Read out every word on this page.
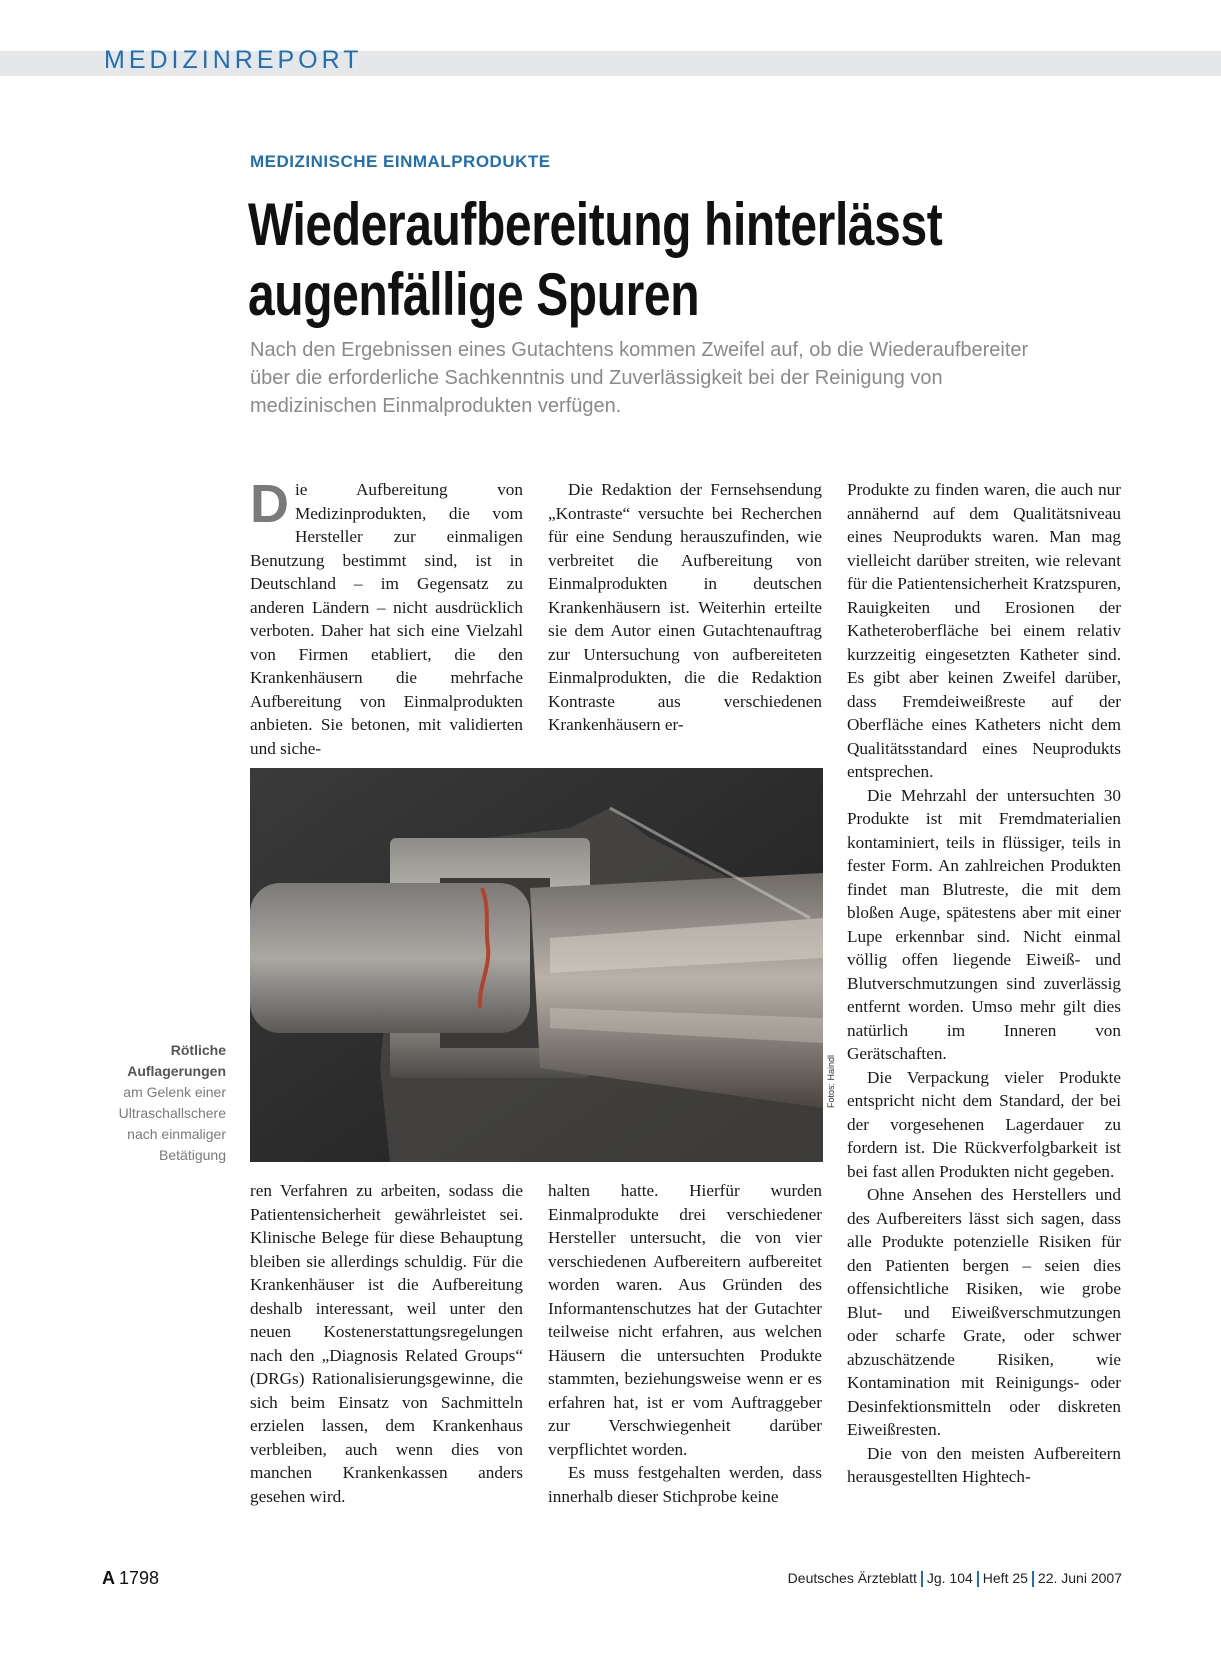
MEDIZINREPORT
MEDIZINISCHE EINMALPRODUKTE
Wiederaufbereitung hinterlässt
augenfällige Spuren
Nach den Ergebnissen eines Gutachtens kommen Zweifel auf, ob die Wiederaufbereiter über die erforderliche Sachkenntnis und Zuverlässigkeit bei der Reinigung von medizinischen Einmalprodukten verfügen.

Die Aufbereitung von Medizinprodukten, die vom Hersteller zur einmaligen Benutzung bestimmt sind, ist in Deutschland – im Gegensatz zu anderen Ländern – nicht ausdrücklich verboten. Daher hat sich eine Vielzahl von Firmen etabliert, die den Krankenhäusern die mehrfache Aufbereitung von Einmalprodukten anbieten. Sie betonen, mit validierten und siche-

Die Redaktion der Fernsehsendung „Kontraste“ versuchte bei Recherchen für eine Sendung herauszufinden, wie verbreitet die Aufbereitung von Einmalprodukten in deutschen Krankenhäusern ist. Weiterhin erteilte sie dem Autor einen Gutachtenauftrag zur Untersuchung von aufbereiteten Einmalprodukten, die die Redaktion Kontraste aus verschiedenen Krankenhäusern er-

Produkte zu finden waren, die auch nur annähernd auf dem Qualitätsniveau eines Neuprodukts waren. Man mag vielleicht darüber streiten, wie relevant für die Patientensicherheit Kratzspuren, Rauigkeiten und Erosionen der Katheteroberfläche bei einem relativ kurzzeitig eingesetzten Katheter sind. Es gibt aber keinen Zweifel darüber, dass Fremdeiweißreste auf der Oberfläche eines Katheters nicht dem Qualitätsstandard eines Neuprodukts entsprechen.

Die Mehrzahl der untersuchten 30 Produkte ist mit Fremdmaterialien kontaminiert, teils in flüssiger, teils in fester Form. An zahlreichen Produkten findet man Blutreste, die mit dem bloßen Auge, spätestens aber mit einer Lupe erkennbar sind. Nicht einmal völlig offen liegende Eiweiß- und Blutverschmutzungen sind zuverlässig entfernt worden. Umso mehr gilt dies natürlich im Inneren von Gerätschaften.

Die Verpackung vieler Produkte entspricht nicht dem Standard, der bei der vorgesehenen Lagerdauer zu fordern ist. Die Rückverfolgbarkeit ist bei fast allen Produkten nicht gegeben.

Ohne Ansehen des Herstellers und des Aufbereiters lässt sich sagen, dass alle Produkte potenzielle Risiken für den Patienten bergen – seien dies offensichtliche Risiken, wie grobe Blut- und Eiweißverschmutzungen oder scharfe Grate, oder schwer abzuschätzende Risiken, wie Kontamination mit Reinigungs- oder Desinfektionsmitteln oder diskreten Eiweißresten.

Die von den meisten Aufbereitern herausgestellten Hightech-

Fotos: Haindl
Rötliche Auflagerungen
am Gelenk einer Ultraschallschere nach einmaliger Betätigung

ren Verfahren zu arbeiten, sodass die Patientensicherheit gewährleistet sei. Klinische Belege für diese Behauptung bleiben sie allerdings schuldig. Für die Krankenhäuser ist die Aufbereitung deshalb interessant, weil unter den neuen Kostenerstattungsregelungen nach den „Diagnosis Related Groups“ (DRGs) Rationalisierungsgewinne, die sich beim Einsatz von Sachmitteln erzielen lassen, dem Krankenhaus verbleiben, auch wenn dies von manchen Krankenkassen anders gesehen wird.

halten hatte. Hierfür wurden Einmalprodukte drei verschiedener Hersteller untersucht, die von vier verschiedenen Aufbereitern aufbereitet worden waren. Aus Gründen des Informantenschutzes hat der Gutachter teilweise nicht erfahren, aus welchen Häusern die untersuchten Produkte stammten, beziehungsweise wenn er es erfahren hat, ist er vom Auftraggeber zur Verschwiegenheit darüber verpflichtet worden.

Es muss festgehalten werden, dass innerhalb dieser Stichprobe keine

A 1798	Deutsches Ärzteblatt Jg. 104 Heft 25 22. Juni 2007
